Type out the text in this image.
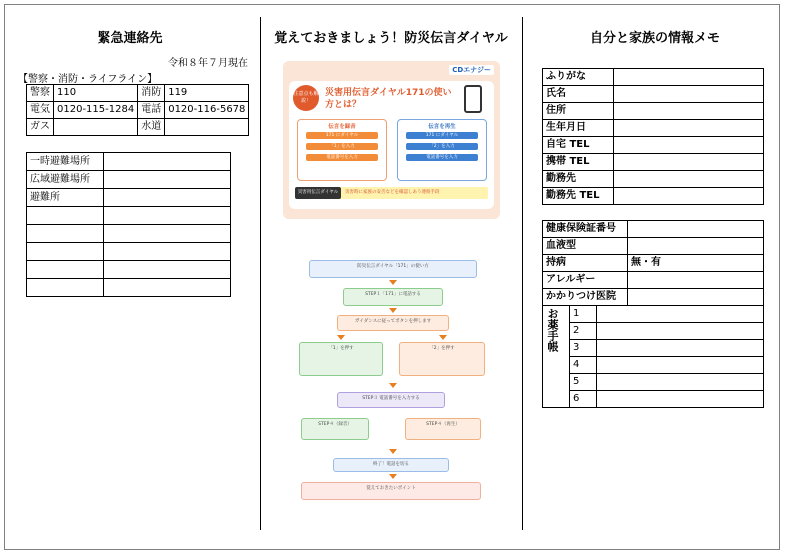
緊急連絡先
令和８年７月現在
【警察・消防・ライフライン】
警察	110	消防	119
電気	0120-115-1284	電話	0120-116-5678
ガス		水道	
一時避難場所	
広域避難場所	
避難所	

覚えておきましょう！防災伝言ダイヤル
CDエナジー
注意点も解説！
災害用伝言ダイヤル171の使い方とは？
伝言を録音
171 にダイヤル
「1」を入力
電話番号を入力
伝言を再生
171 にダイヤル
「2」を入力
電話番号を入力
災害用伝言ダイヤル	災害時に家族の安否などを確認しあう連絡手段
防災伝言ダイヤル「171」の使い方
STEP１「171」に電話する
ガイダンスに従ってボタンを押します
「1」を押す	「2」を押す
STEP３ 電話番号を入力する
STEP４（録音）	STEP４（再生）
終了！電話を切る
覚えておきたいポイント
自分と家族の情報メモ
ふりがな	
氏名	
住所	
生年月日	
自宅 TEL	
携帯 TEL	
勤務先	
勤務先 TEL	
健康保険証番号	
血液型	
持病	無・有
アレルギー	
かかりつけ医院	
お薬手帳	1	
	2	
	3	
	4	
	5	
	6	
